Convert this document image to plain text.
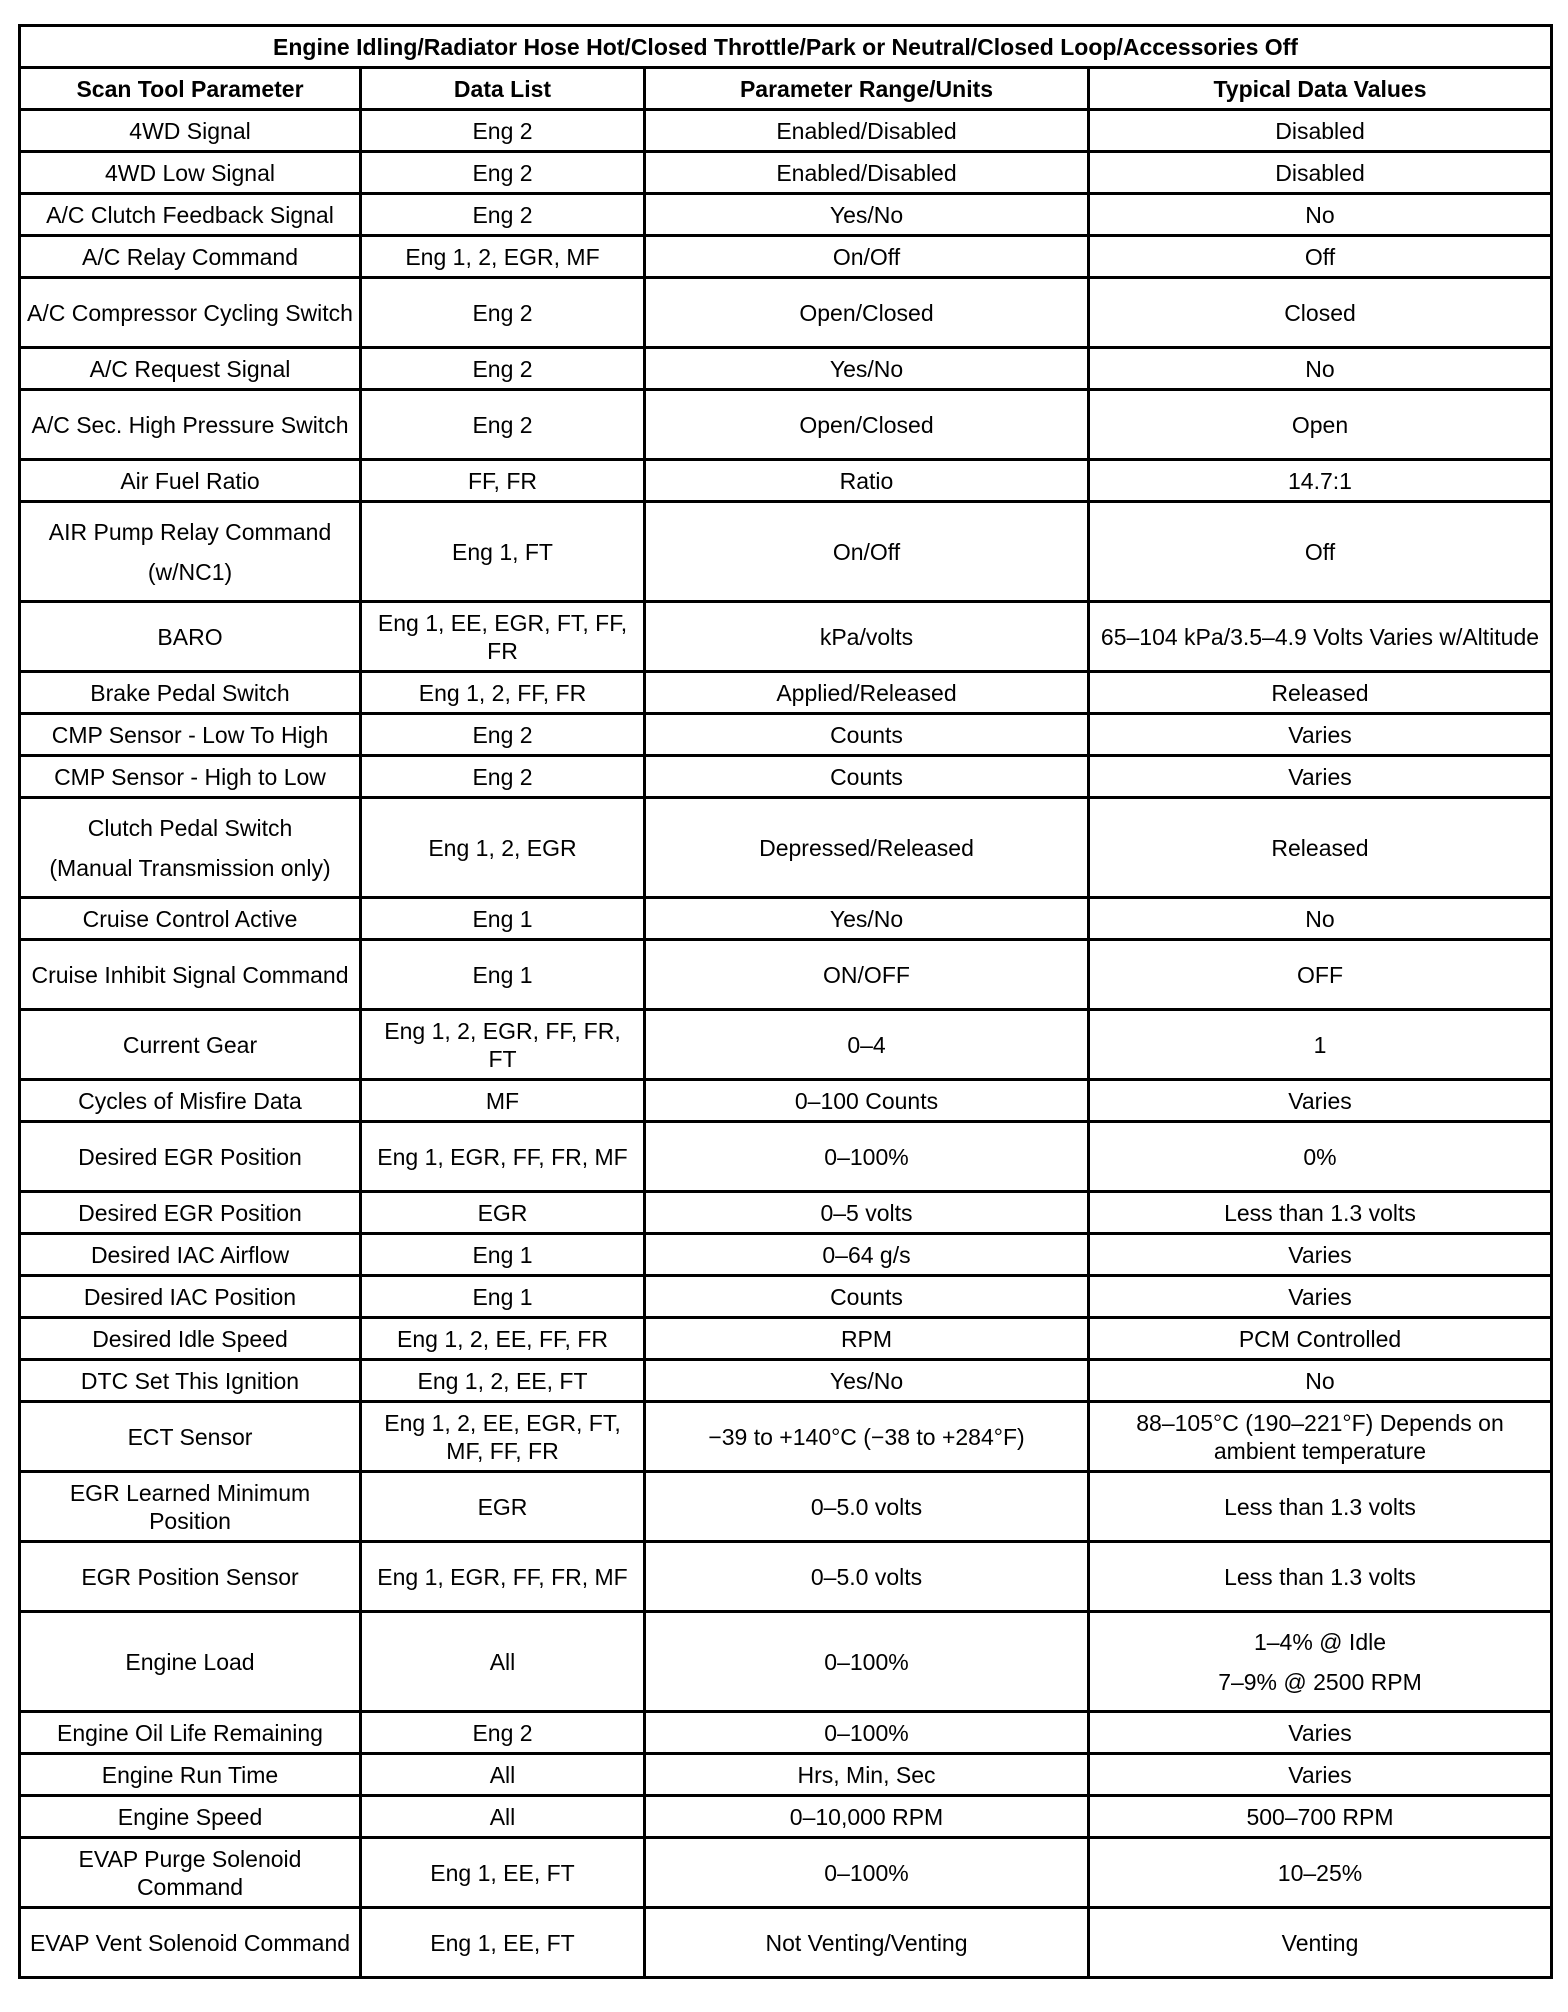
Engine Idling/Radiator Hose Hot/Closed Throttle/Park or Neutral/Closed Loop/Accessories Off			
Scan Tool Parameter	Data List	Parameter Range/Units	Typical Data Values

4WD Signal	Eng 2	Enabled/Disabled	Disabled

4WD Low Signal	Eng 2	Enabled/Disabled	Disabled

A/C Clutch Feedback Signal	Eng 2	Yes/No	No

A/C Relay Command	Eng 1, 2, EGR, MF	On/Off	Off

A/C Compressor Cycling Switch	Eng 2	Open/Closed	Closed

A/C Request Signal	Eng 2	Yes/No	No

A/C Sec. High Pressure Switch	Eng 2	Open/Closed	Open

Air Fuel Ratio	FF, FR	Ratio	14.7:1

AIR Pump Relay Command
(w/NC1)	Eng 1, FT	On/Off	Off

BARO	Eng 1, EE, EGR, FT, FF, FR	kPa/volts	65–104 kPa/3.5–4.9 Volts Varies w/Altitude

Brake Pedal Switch	Eng 1, 2, FF, FR	Applied/Released	Released

CMP Sensor - Low To High	Eng 2	Counts	Varies

CMP Sensor - High to Low	Eng 2	Counts	Varies

Clutch Pedal Switch
(Manual Transmission only)	Eng 1, 2, EGR	Depressed/Released	Released

Cruise Control Active	Eng 1	Yes/No	No

Cruise Inhibit Signal Command	Eng 1	ON/OFF	OFF

Current Gear	Eng 1, 2, EGR, FF, FR, FT	0–4	1

Cycles of Misfire Data	MF	0–100 Counts	Varies

Desired EGR Position	Eng 1, EGR, FF, FR, MF	0–100%	0%

Desired EGR Position	EGR	0–5 volts	Less than 1.3 volts

Desired IAC Airflow	Eng 1	0–64 g/s	Varies

Desired IAC Position	Eng 1	Counts	Varies

Desired Idle Speed	Eng 1, 2, EE, FF, FR	RPM	PCM Controlled

DTC Set This Ignition	Eng 1, 2, EE, FT	Yes/No	No

ECT Sensor	Eng 1, 2, EE, EGR, FT, MF, FF, FR	−39 to +140°C (−38 to +284°F)	88–105°C (190–221°F) Depends on ambient temperature

EGR Learned Minimum Position	EGR	0–5.0 volts	Less than 1.3 volts

EGR Position Sensor	Eng 1, EGR, FF, FR, MF	0–5.0 volts	Less than 1.3 volts

Engine Load	All	0–100%	1–4% @ Idle
7–9% @ 2500 RPM

Engine Oil Life Remaining	Eng 2	0–100%	Varies

Engine Run Time	All	Hrs, Min, Sec	Varies

Engine Speed	All	0–10,000 RPM	500–700 RPM

EVAP Purge Solenoid Command	Eng 1, EE, FT	0–100%	10–25%

EVAP Vent Solenoid Command	Eng 1, EE, FT	Not Venting/Venting	Venting
